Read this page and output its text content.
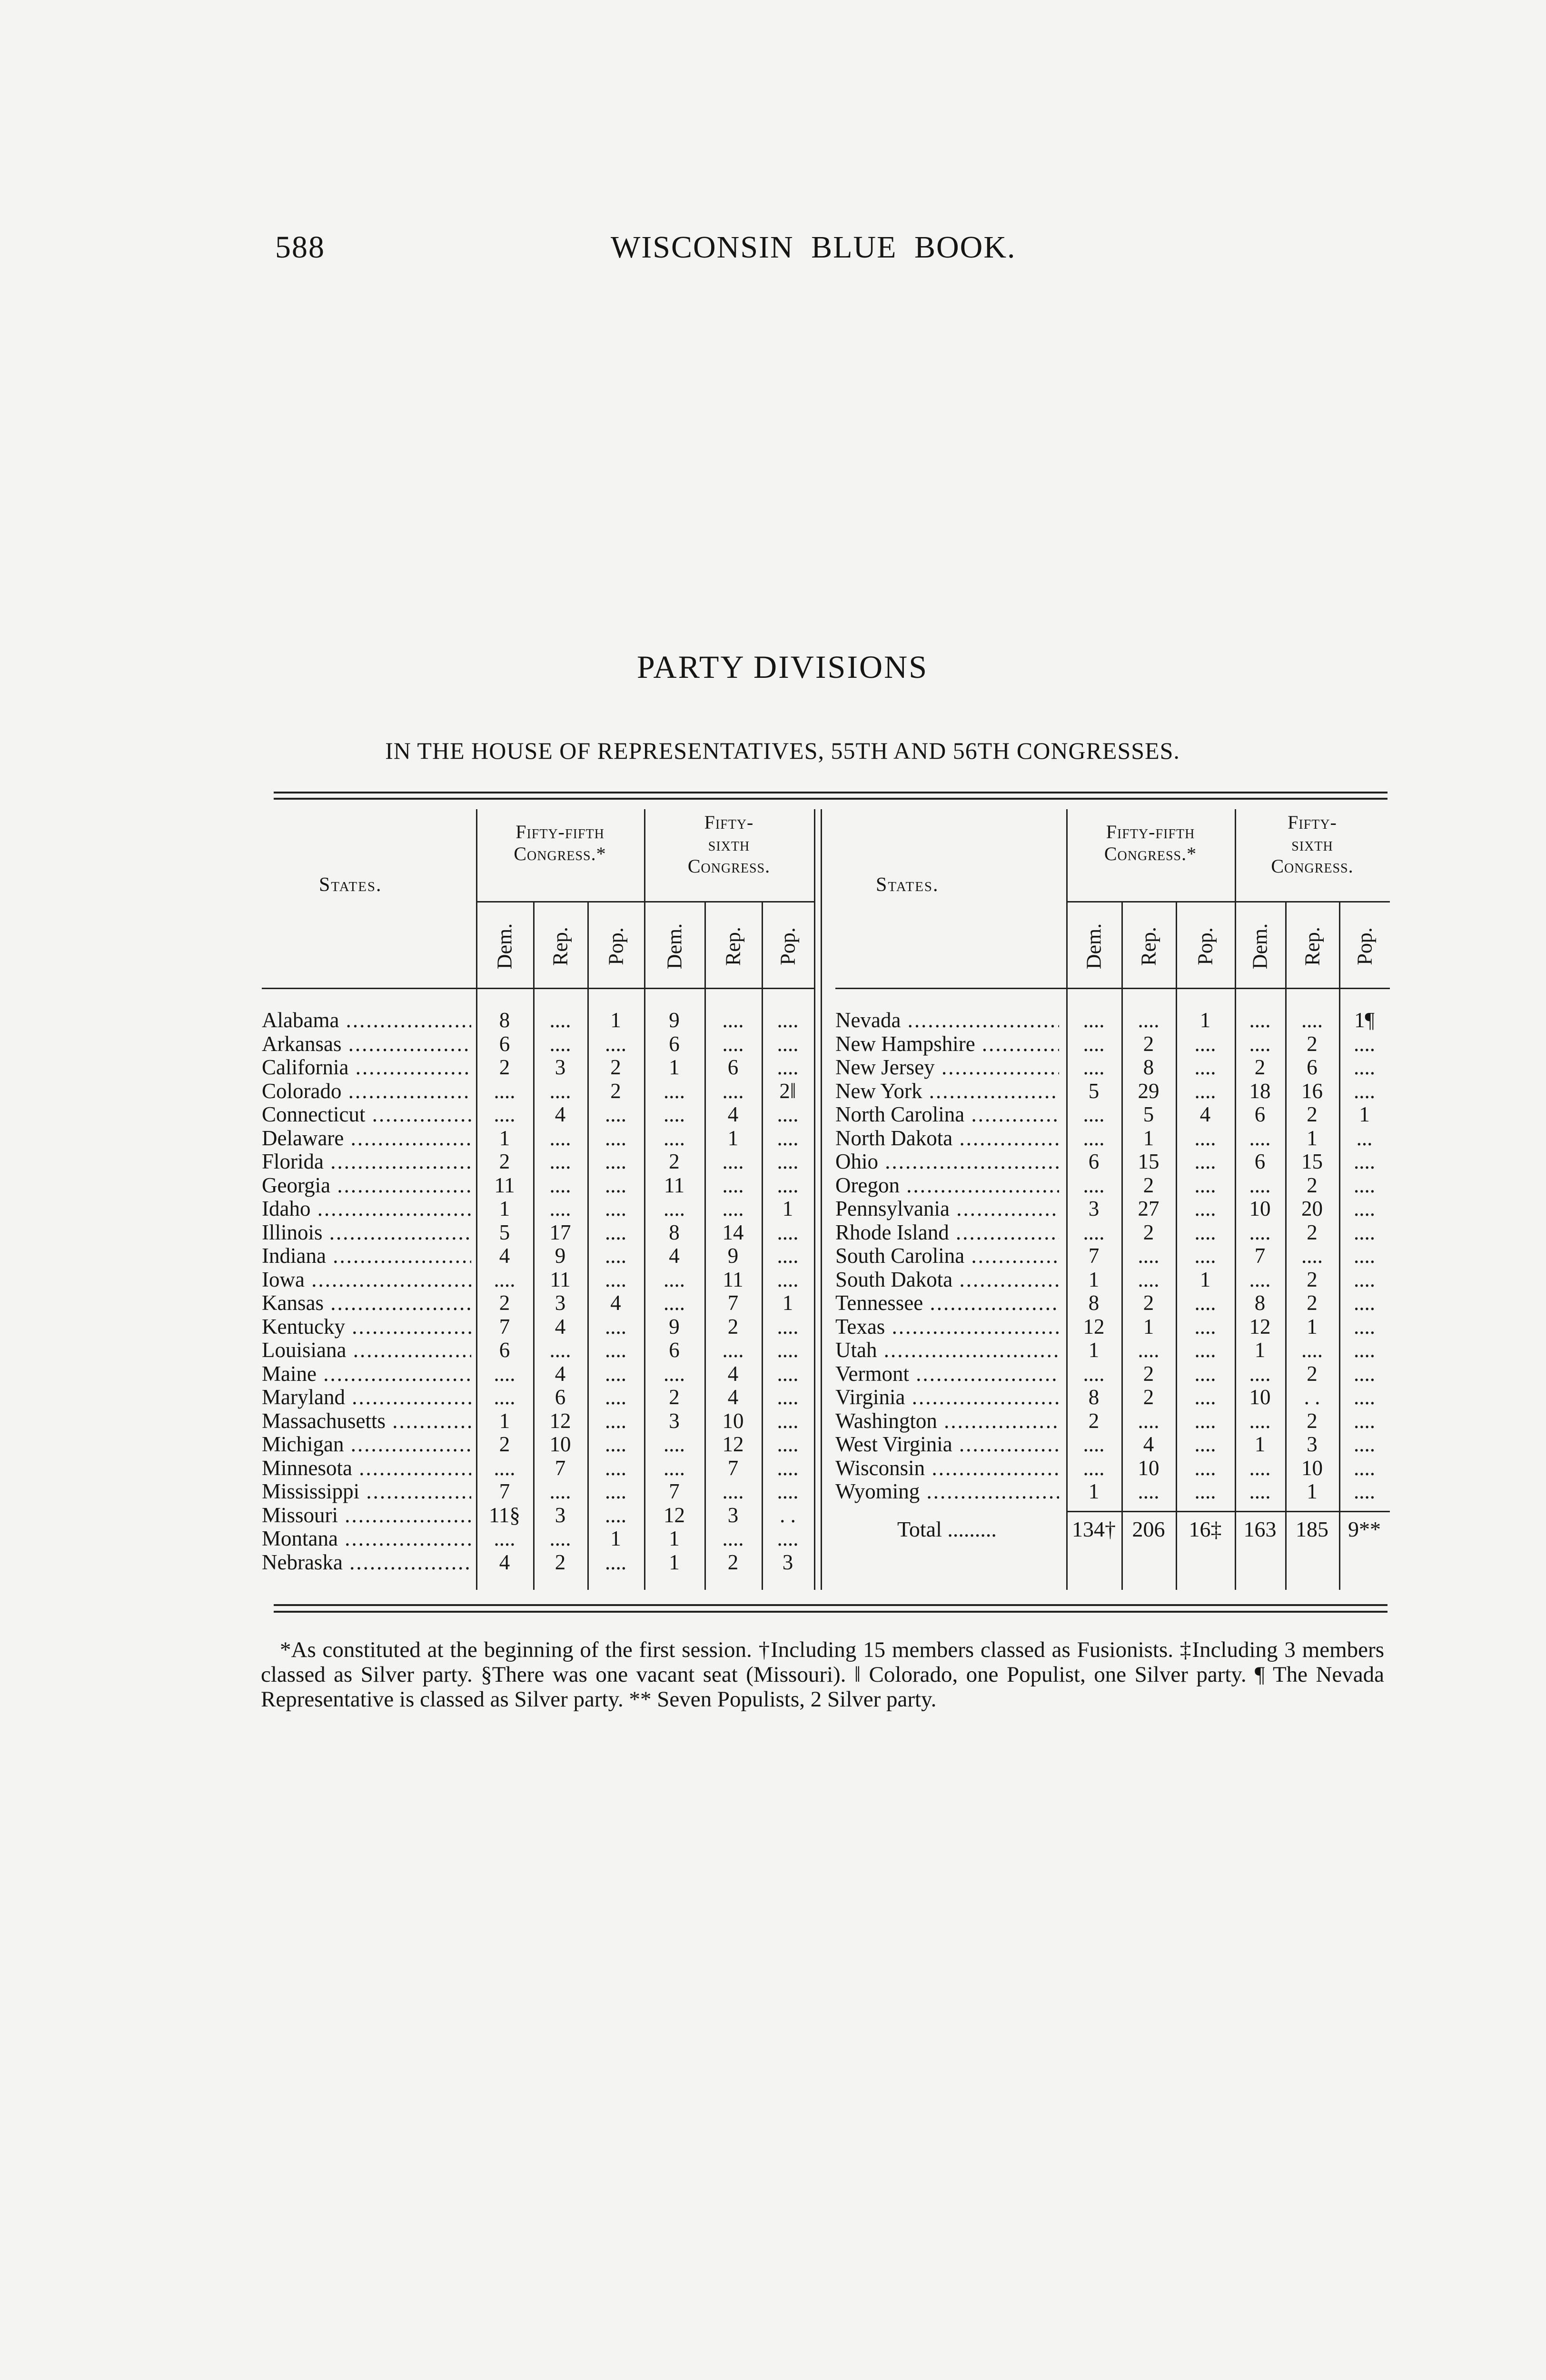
588	WISCONSIN BLUE BOOK.
PARTY DIVISIONS
IN THE HOUSE OF REPRESENTATIVES, 55TH AND 56TH CONGRESSES.
States.
Fifty-fifth
Congress.*
Fifty-
sixth
Congress.
Dem. Rep. Pop. Dem. Rep. Pop.
Alabama .....	8	....	1	9	....	....
Arkansas .....	6	....	....	6	....	....
California .....	2	3	2	1	6	....
Colorado .....	....	....	2	....	....	2‖
Connecticut .....	....	4	....	....	4	....
Delaware .....	1	....	....	....	1	....
Florida .....	2	....	....	2	....	....
Georgia .....	11	....	....	11	....	....
Idaho .....	1	....	....	....	....	1
Illinois .....	5	17	....	8	14	....
Indiana .....	4	9	....	4	9	....
Iowa .....	....	11	....	....	11	....
Kansas .....	2	3	4	....	7	1
Kentucky .....	7	4	....	9	2	....
Louisiana .....	6	....	....	6	....	....
Maine .....	....	4	....	....	4	....
Maryland .....	....	6	....	2	4	....
Massachusetts .....	1	12	....	3	10	....
Michigan .....	2	10	....	....	12	....
Minnesota .....	....	7	....	....	7	....
Mississippi .....	7	....	....	7	....	....
Missouri .....	11§	3	....	12	3	. .
Montana .....	....	....	1	1	....	....
Nebraska .....	4	2	....	1	2	3
States.
Fifty-fifth
Congress.*
Fifty-
sixth
Congress.
Dem. Rep. Pop. Dem. Rep. Pop.
Nevada .....	....	....	1	....	....	1¶
New Hampshire .....	....	2	....	....	2	....
New Jersey .....	....	8	....	2	6	....
New York .....	5	29	....	18	16	....
North Carolina .....	....	5	4	6	2	1
North Dakota .....	....	1	....	....	1	...
Ohio .....	6	15	....	6	15	....
Oregon .....	....	2	....	....	2	....
Pennsylvania .....	3	27	....	10	20	....
Rhode Island .....	....	2	....	....	2	....
South Carolina .....	7	....	....	7	....	....
South Dakota .....	1	....	1	....	2	....
Tennessee .....	8	2	....	8	2	....
Texas .....	12	1	....	12	1	....
Utah .....	1	....	....	1	....	....
Vermont .....	....	2	....	....	2	....
Virginia .....	8	2	....	10	. .	....
Washington .....	2	....	....	....	2	....
West Virginia .....	....	4	....	1	3	....
Wisconsin .....	....	10	....	....	10	....
Wyoming .....	1	....	....	....	1	....
Total .........	134† 206	16‡	163 185 9**
*As constituted at the beginning of the first session. †Including 15 members classed as Fusionists. ‡Including 3 members classed as Silver party. §There was one vacant seat (Missouri). ‖ Colorado, one Populist, one Silver party. ¶ The Nevada Representative is classed as Silver party. ** Seven Populists, 2 Silver party.
